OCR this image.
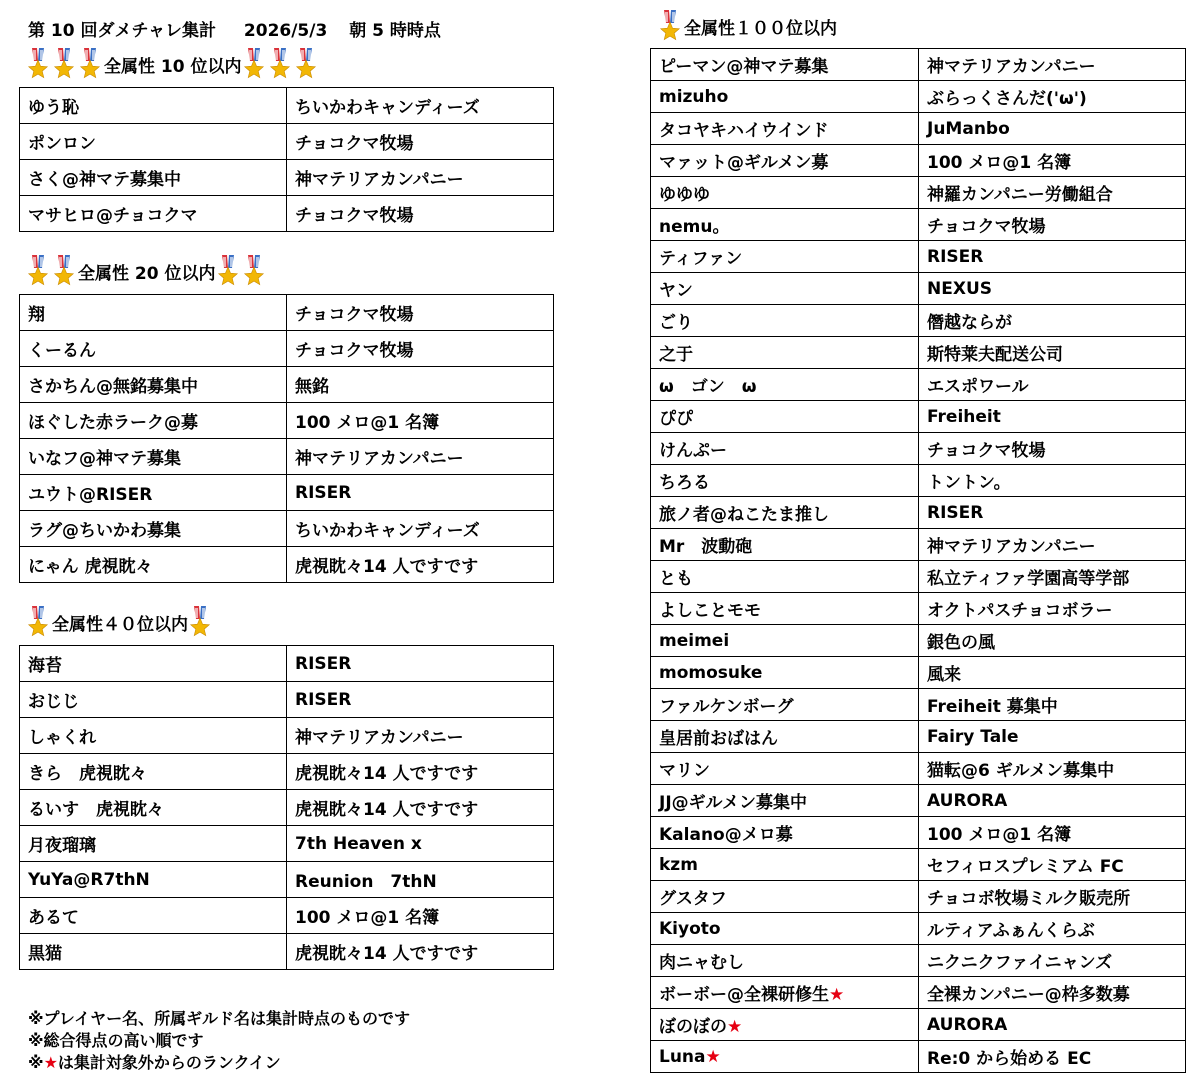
第 10 回ダメチャレ集計 2026/5/3 朝 5 時時点
全属性 10 位以内
ゆう恥	ちいかわキャンディーズ
ポンロン	チョコクマ牧場
さく@神マテ募集中	神マテリアカンパニー
マサヒロ@チョコクマ	チョコクマ牧場
全属性 20 位以内
翔	チョコクマ牧場
くーるん	チョコクマ牧場
さかちん@無銘募集中	無銘
ほぐした赤ラーク@募	100 メロ@1 名簿
いなフ@神マテ募集	神マテリアカンパニー
ユウト@RISER	RISER
ラグ@ちいかわ募集	ちいかわキャンディーズ
にゃん 虎視眈々	虎視眈々14 人ですです
全属性４０位以内
海苔	RISER
おじじ	RISER
しゃくれ	神マテリアカンパニー
きら　虎視眈々	虎視眈々14 人ですです
るいす　虎視眈々	虎視眈々14 人ですです
月夜瑠璃	7th Heaven x
YuYa@R7thN	Reunion　7thN
あるて	100 メロ@1 名簿
黒猫	虎視眈々14 人ですです
全属性１００位以内
ピーマン@神マテ募集	神マテリアカンパニー
mizuho	ぶらっくさんだ('ω')
タコヤキハイウインド	JuManbo
マァット@ギルメン募	100 メロ@1 名簿
ゆゆゆ	神羅カンパニー労働組合
nemu。	チョコクマ牧場
ティファン	RISER
ヤン	NEXUS
ごり	僭越ならが
之于	斯特莱夫配送公司
ω　ゴン　ω	エスポワール
ぴぴ	Freiheit
けんぷー	チョコクマ牧場
ちろる	トントン。
旅ノ者@ねこたま推し	RISER
Mr　波動砲	神マテリアカンパニー
とも	私立ティファ学園高等学部
よしことモモ	オクトパスチョコボラー
meimei	銀色の風
momosuke	風来
ファルケンボーグ	Freiheit 募集中
皇居前おばはん	Fairy Tale
マリン	猫転@6 ギルメン募集中
JJ@ギルメン募集中	AURORA
Kalano@メロ募	100 メロ@1 名簿
kzm	セフィロスプレミアム FC
グスタフ	チョコボ牧場ミルク販売所
Kiyoto	ルティアふぁんくらぶ
肉ニャむし	ニクニクファイニャンズ
ボーボー@全裸研修生★	全裸カンパニー@枠多数募
ぼのぼの★	AURORA
Luna★	Re:0 から始める EC
※プレイヤー名、所属ギルド名は集計時点のものです
※総合得点の高い順です
※★は集計対象外からのランクイン
